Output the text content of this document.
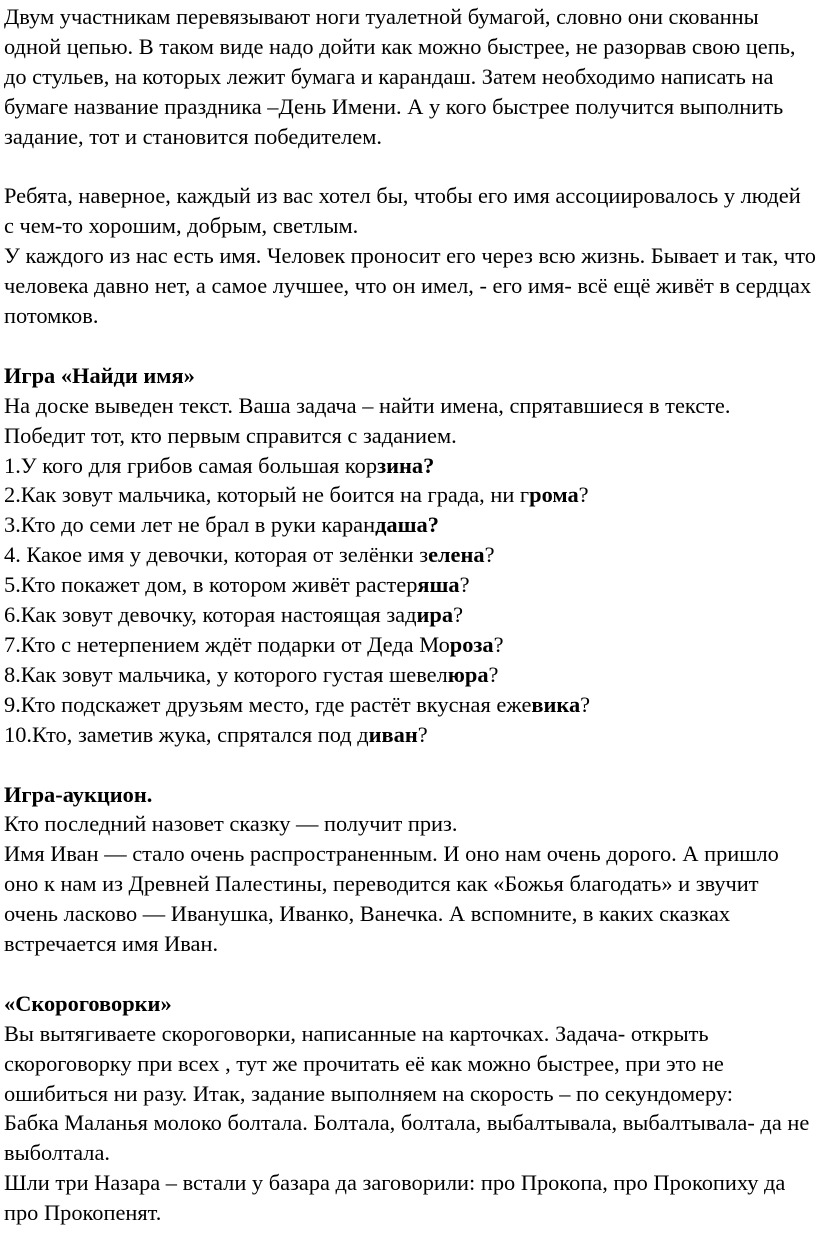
Двум участникам перевязывают ноги туалетной бумагой, словно они скованны одной цепью. В таком виде надо дойти как можно быстрее, не разорвав свою цепь, до стульев, на которых лежит бумага и карандаш. Затем необходимо написать на бумаге название праздника –День Имени. А у кого быстрее получится выполнить задание, тот и становится победителем.

Ребята, наверное, каждый из вас хотел бы, чтобы его имя ассоциировалось у людей с чем-то хорошим, добрым, светлым.

У каждого из нас есть имя. Человек проносит его через всю жизнь. Бывает и так, что человека давно нет, а самое лучшее, что он имел, - его имя- всё ещё живёт в сердцах потомков.

Игра «Найди имя»

На доске выведен текст. Ваша задача – найти имена, спрятавшиеся в тексте. Победит тот, кто первым справится с заданием.

1.У кого для грибов самая большая корзина?

2.Как зовут мальчика, который не боится на града, ни грома?

3.Кто до семи лет не брал в руки карандаша?

4. Какое имя у девочки, которая от зелёнки зелена?

5.Кто покажет дом, в котором живёт растеряша?

6.Как зовут девочку, которая настоящая задира?

7.Кто с нетерпением ждёт подарки от Деда Мороза?

8.Как зовут мальчика, у которого густая шевелюра?

9.Кто подскажет друзьям место, где растёт вкусная ежевика?

10.Кто, заметив жука, спрятался под диван?

Игра-аукцион.

Кто последний назовет сказку — получит приз.

Имя Иван — стало очень распространенным. И оно нам очень дорого. А пришло оно к нам из Древней Палестины, переводится как «Божья благодать» и звучит очень ласково — Иванушка, Иванко, Ванечка. А вспомните, в каких сказках встречается имя Иван.

«Скороговорки»

Вы вытягиваете скороговорки, написанные на карточках. Задача- открыть скороговорку при всех , тут же прочитать её как можно быстрее, при это не ошибиться ни разу. Итак, задание выполняем на скорость – по секундомеру:

Бабка Маланья молоко болтала. Болтала, болтала, выбалтывала, выбалтывала- да не выболтала.

Шли три Назара – встали у базара да заговорили: про Прокопа, про Прокопиху да про Прокопенят.
